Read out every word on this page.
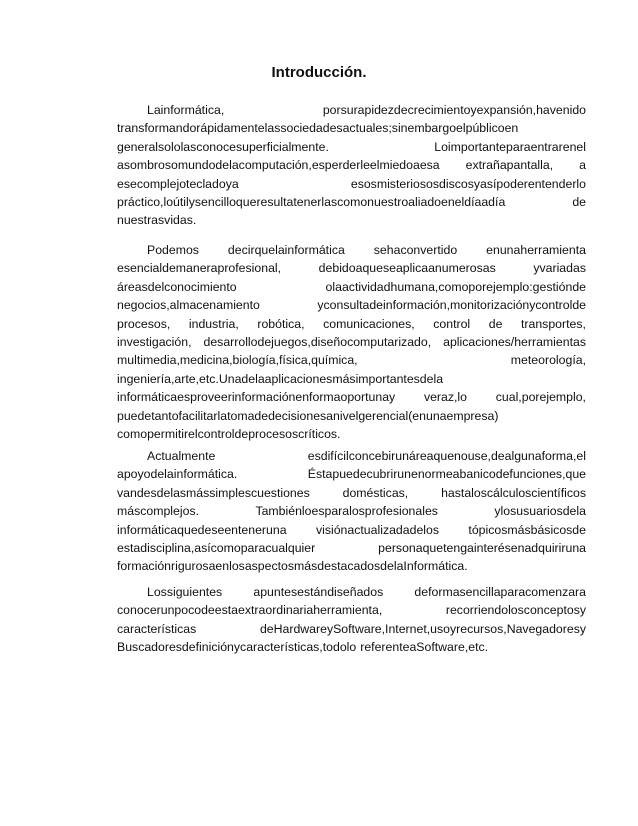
Introducción.
Lainformática,	porsurapidezdecrecimientoyexpansión,havenido
transformandorápidamentelassociedadesactuales;sinembargoelpúblicoen
generalsololasconocesuperficialmente.	Loimportanteparaentrarenel
asombrosomundodelacomputación,esperderleelmiedoaesa extrañapantalla, a
esecomplejotecladoya	esosmisteriososdiscosyasípoderentenderlo
práctico,loútilysencilloqueresultatenerlascomonuestroaliadoeneldíaadía	de
nuestrasvidas.
Podemos decirquelainformática sehaconvertido enunaherramienta
esencialdemaneraprofesional,	debidoaqueseaplicaanumerosas	yvariadas
áreasdelconocimiento	olaactividadhumana,comoporejemplo:gestiónde
negocios,almacenamiento	yconsultadeinformación,monitorizaciónycontrolde
procesos, industria, robótica, comunicaciones, control de transportes,
investigación, desarrollodejuegos,diseñocomputarizado, aplicaciones/herramientas
multimedia,medicina,biología,física,química,	meteorología,
ingeniería,arte,etc.Unadelaaplicacionesmásimportantesdela
informáticaesproveerinformaciónenformaoportunay veraz,lo cual,porejemplo,
puedetantofacilitarlatomadedecisionesanivelgerencial(enunaempresa)
comopermitirelcontroldeprocesoscríticos.
Actualmente	esdifícilconcebirunáreaquenouse,dealgunaforma,el
apoyodelainformática.	Éstapuedecubrirunenormeabanicodefunciones,que
vandesdelasmássimplescuestiones	domésticas,	hastaloscálculoscientíficos
máscomplejos.	Tambiénloesparalosprofesionales	ylosusuariosdela
informáticaquedeseenteneruna visiónactualizadadelos tópicosmásbásicosde
estadisciplina,asícomoparacualquier	personaquetengainterésenadquiriruna
formaciónrigurosaenlosaspectosmásdestacadosdelaInformática.
Lossiguientes	apuntesestándiseñados	deformasencillaparacomenzara
conocerunpocodeestaextraordinariaherramienta,	recorriendolosconceptosy
características	deHardwareySoftware,Internet,usoyrecursos,Navegadoresy
Buscadoresdefiniciónycaracterísticas,todolo referenteaSoftware,etc.
